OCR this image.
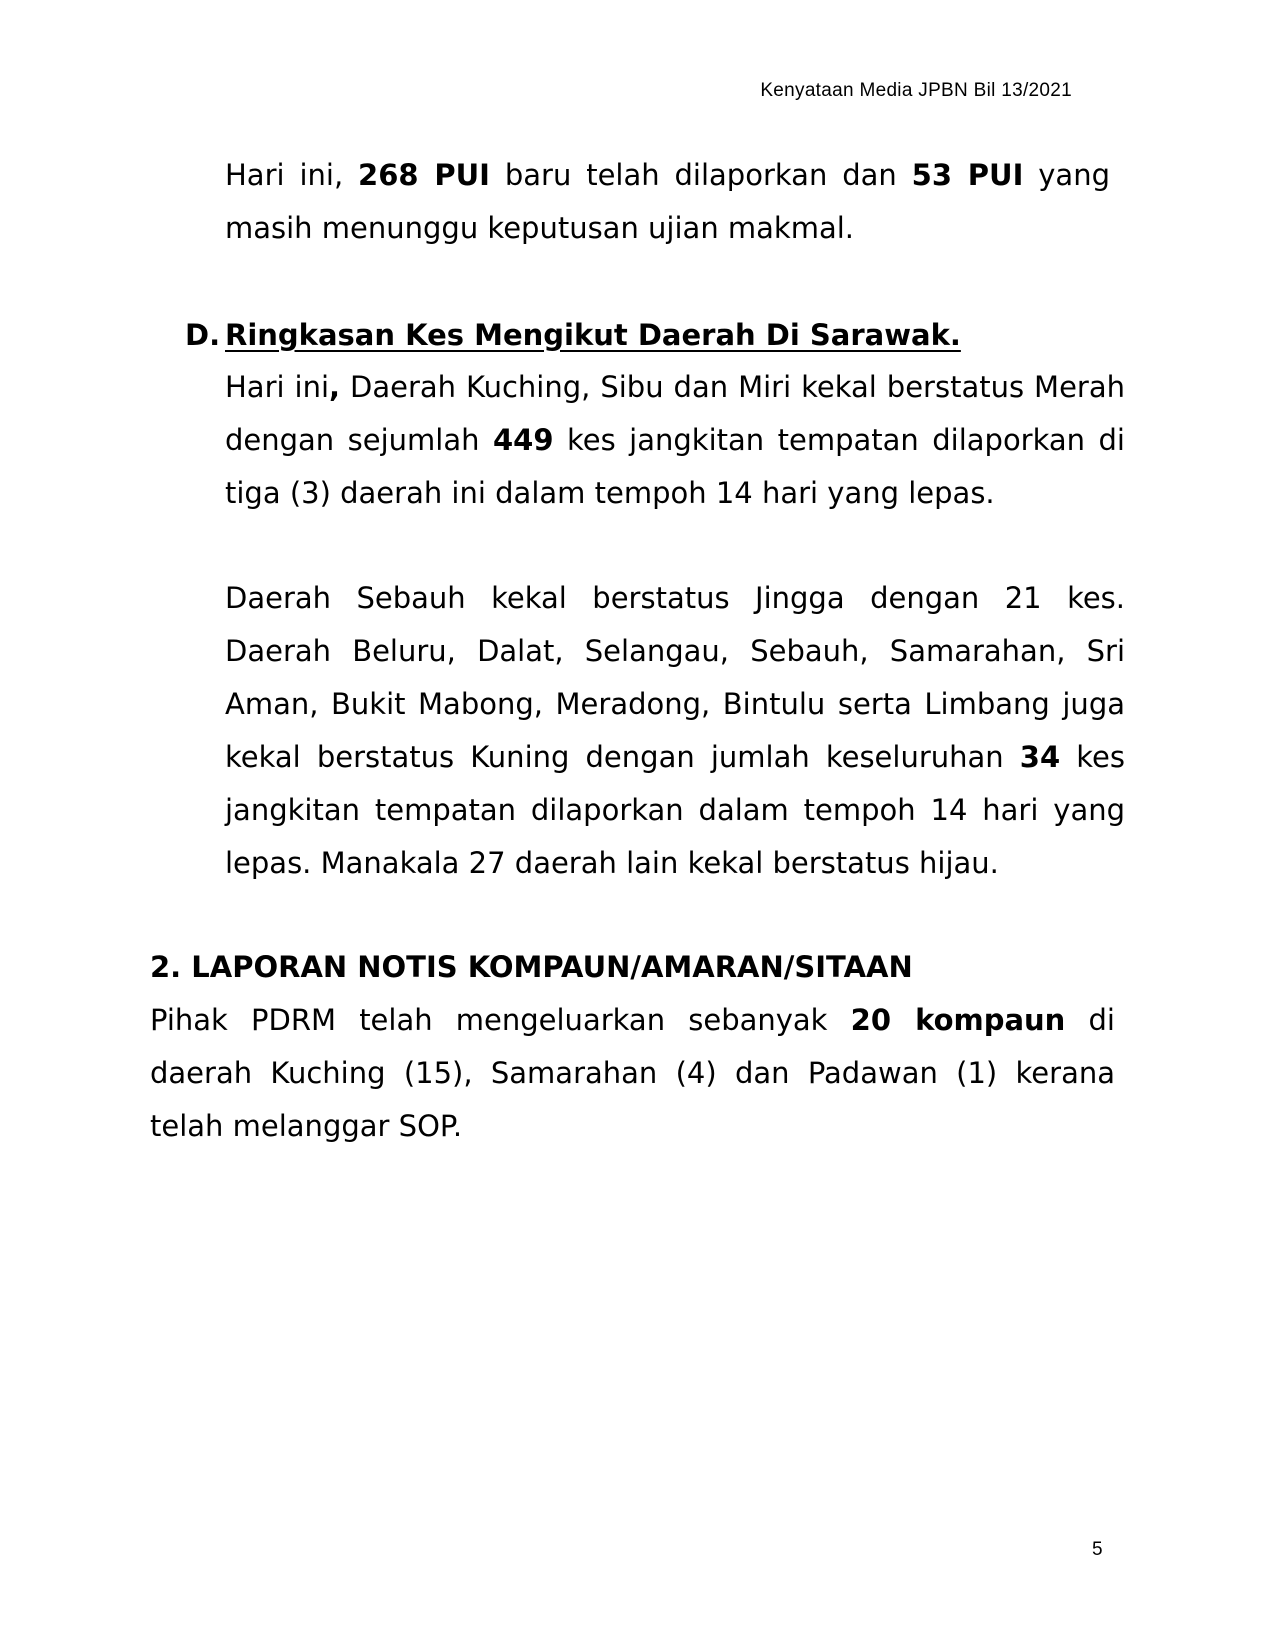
Kenyataan Media JPBN Bil 13/2021

Hari ini, 268 PUI baru telah dilaporkan dan 53 PUI yang masih menunggu keputusan ujian makmal.

D. Ringkasan Kes Mengikut Daerah Di Sarawak.

Hari ini, Daerah Kuching, Sibu dan Miri kekal berstatus Merah dengan sejumlah 449 kes jangkitan tempatan dilaporkan di tiga (3) daerah ini dalam tempoh 14 hari yang lepas.

Daerah Sebauh kekal berstatus Jingga dengan 21 kes. Daerah Beluru, Dalat, Selangau, Sebauh, Samarahan, Sri Aman, Bukit Mabong, Meradong, Bintulu serta Limbang juga kekal berstatus Kuning dengan jumlah keseluruhan 34 kes jangkitan tempatan dilaporkan dalam tempoh 14 hari yang lepas. Manakala 27 daerah lain kekal berstatus hijau.

2. LAPORAN NOTIS KOMPAUN/AMARAN/SITAAN

Pihak PDRM telah mengeluarkan sebanyak 20 kompaun di daerah Kuching (15), Samarahan (4) dan Padawan (1) kerana telah melanggar SOP.

5
